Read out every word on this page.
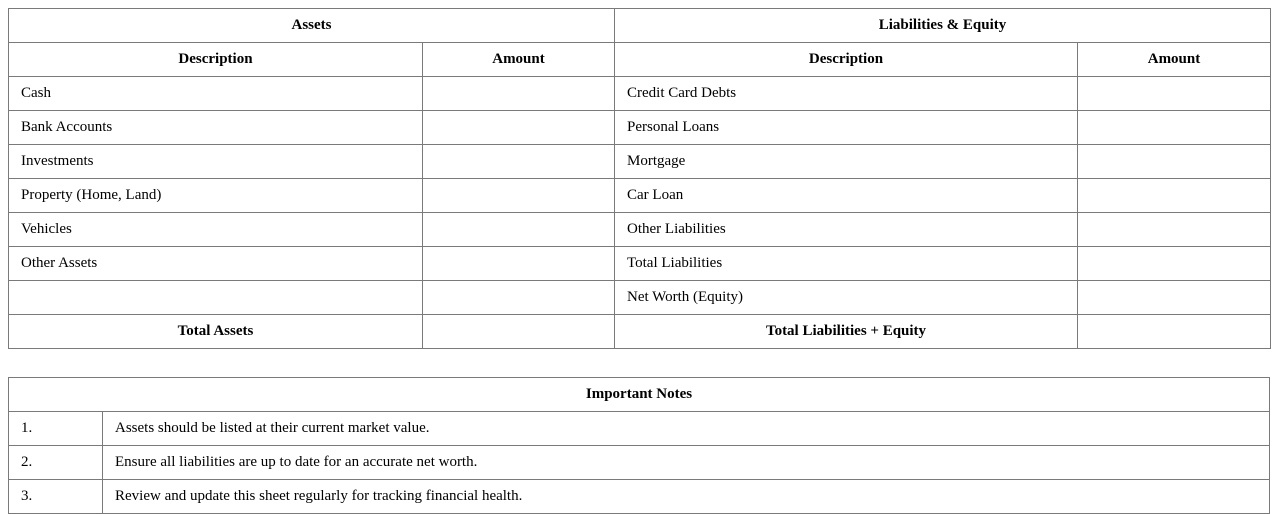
Assets		Liabilities & Equity	
Description	Amount	Description	Amount
Cash		Credit Card Debts	
Bank Accounts		Personal Loans	
Investments		Mortgage	
Property (Home, Land)		Car Loan	
Vehicles		Other Liabilities	
Other Assets		Total Liabilities	
		Net Worth (Equity)	
Total Assets		Total Liabilities + Equity	
Important Notes	
1.	Assets should be listed at their current market value.
2.	Ensure all liabilities are up to date for an accurate net worth.
3.	Review and update this sheet regularly for tracking financial health.
